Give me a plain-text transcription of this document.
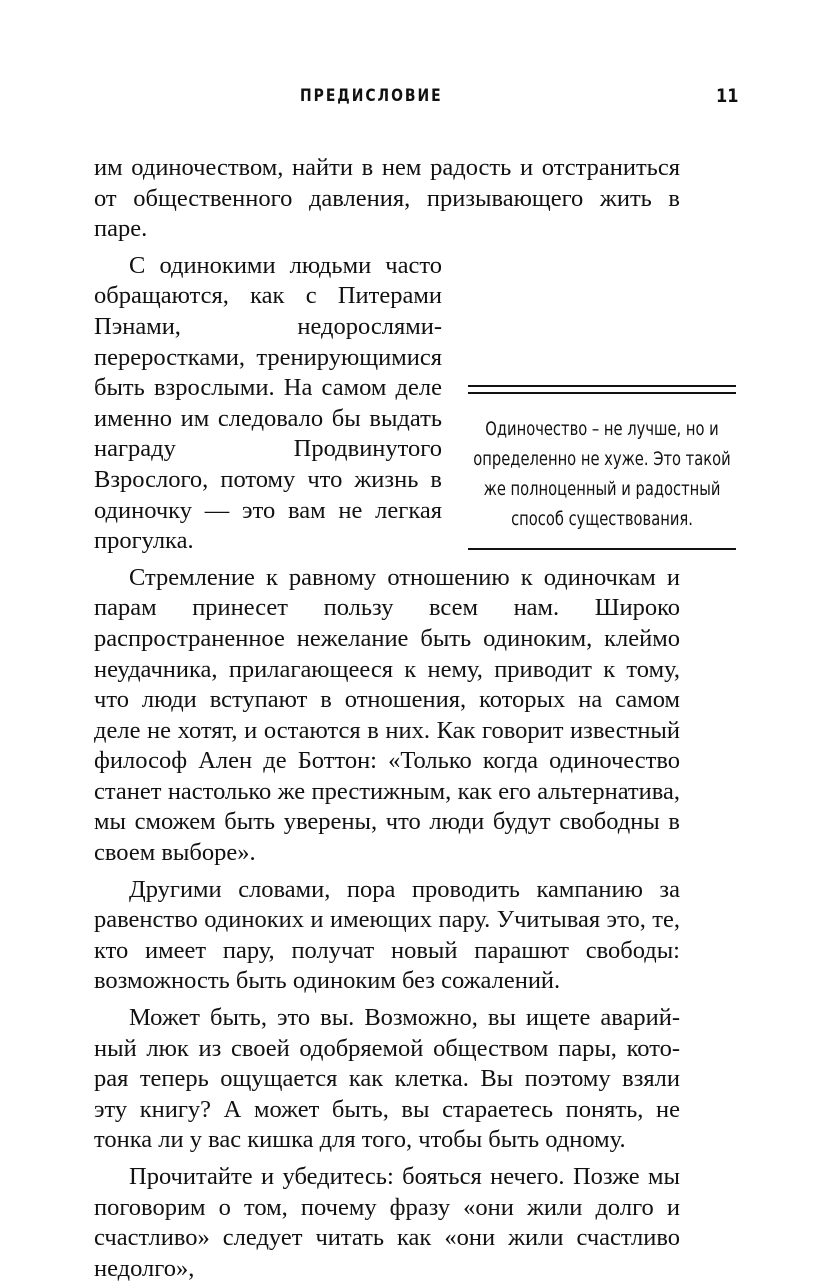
ПРЕДИСЛОВИЕ	11

им одиночеством, найти в нем радость и отстраниться от общественного давления, призывающего жить в паре.

Одиночество – не лучше, но и определенно не хуже. Это такой же полноценный и радостный способ существования.

С одинокими людьми часто обращаются, как с Питерами Пэнами, недорослями-переростками, тренирующимися быть взрослыми. На самом деле именно им следовало бы выдать награду Продвинутого Взрослого, потому что жизнь в одиночку — это вам не легкая прогулка.

Стремление к равному отношению к одиночкам и парам принесет пользу всем нам. Широко распространенное нежелание быть одиноким, клеймо неудачника, прилагающееся к нему, приводит к тому, что люди вступают в отношения, которых на самом деле не хотят, и остаются в них. Как говорит известный философ Ален де Боттон: «Только когда одиночество станет настолько же престижным, как его альтернатива, мы сможем быть уверены, что люди будут свободны в своем выборе».

Другими словами, пора проводить кампанию за равенство одиноких и имеющих пару. Учитывая это, те, кто имеет пару, получат новый парашют свободы: возможность быть одиноким без сожалений.

Может быть, это вы. Возможно, вы ищете аварийный люк из своей одобряемой обществом пары, которая теперь ощущается как клетка. Вы поэтому взяли эту книгу? А может быть, вы стараетесь понять, не тонка ли у вас кишка для того, чтобы быть одному.

Прочитайте и убедитесь: бояться нечего. Позже мы поговорим о том, почему фразу «они жили долго и счастливо» следует читать как «они жили счастливо недолго»,
